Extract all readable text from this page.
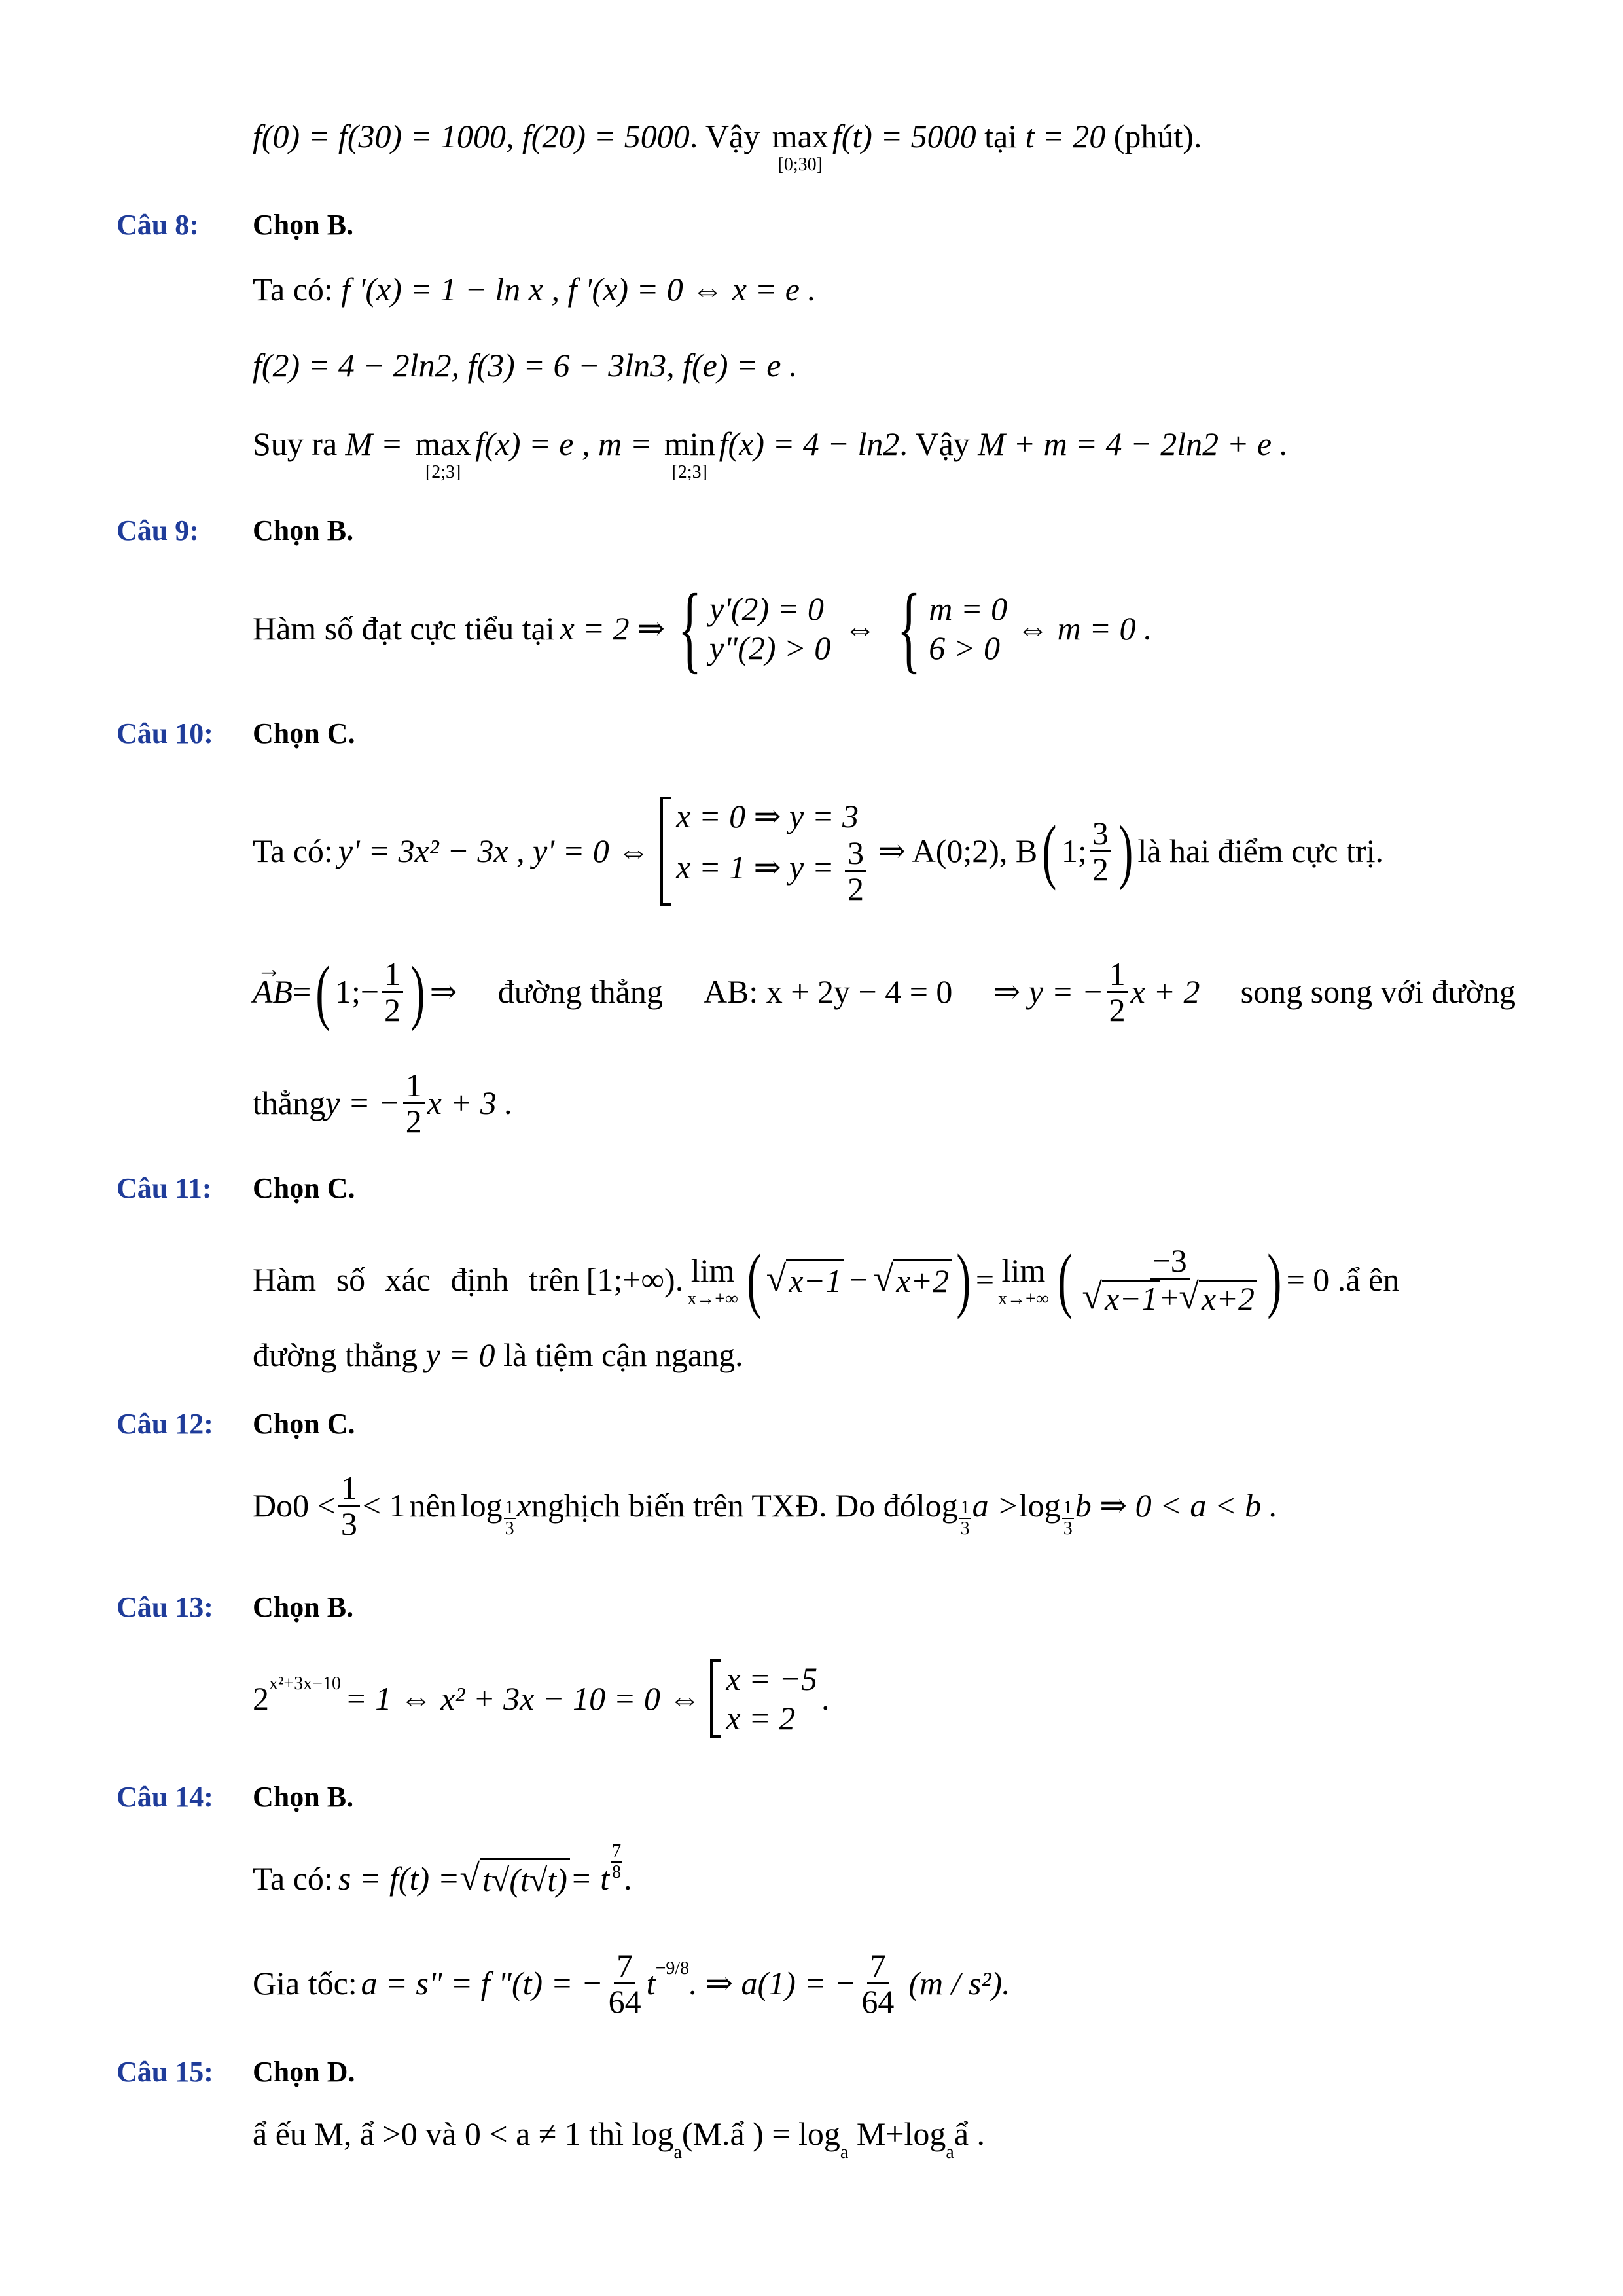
f(0) = f(30) = 1000, f(20) = 5000. Vậy max
[0;30]
f(t) = 5000 tại t = 20 (phút).
Câu 8: Chọn B.
Ta có: f '(x) = 1 − ln x , f '(x) = 0 ⇔ x = e .
f(2) = 4 − 2ln2, f(3) = 6 − 3ln3, f(e) = e .
Suy ra M = max
[2;3]
f(x) = e , m = min
[2;3]
f(x) = 4 − ln2. Vậy M + m = 4 − 2ln2 + e .
Câu 9: Chọn B.
Hàm số đạt cực tiểu tại x = 2 ⇒ { y'(2) = 0
y"(2) > 0
⇔ { m = 0
6 > 0
⇔ m = 0 .
Câu 10: Chọn C.
Ta có: y' = 3x² − 3x , y' = 0 ⇔
x = 0 ⇒ y = 3
x = 1 ⇒ $y = \frac{3}{2}$ ⇒ A(0;2), B ( 1; $\frac{3}{2}$ ) là hai điểm cực trị.
→ AB = ( 1;− $\frac{1}{2}$ ) ⇒ đường thẳng AB: x + 2y − 4 = 0 ⇒ y = − $\frac{1}{2}$ x + 2 song song với đường
thẳng y = − $\frac{1}{2}$ x + 3 .
Câu 11: Chọn C.
Hàm số xác định trên [1;+∞) . lim
x→+∞ ( √ x−1 − √ x+2 ) = lim
x→+∞ ( $\frac{-3}{√ x-1 + √ x+2}$ ) = 0 . ẩ ên
đường thẳng y = 0 là tiệm cận ngang.
Câu 12: Chọn C.
Do $0 < \frac{1}{3} < 1$ nên $\log \frac{1}{3}$ x nghịch biến trên TXĐ. Do đó $\log \frac{1}{3}$ $a > \log \frac{1}{3}$ b ⇒ 0 < a < b .
Câu 13: Chọn B.
2 x²+3x−10 = 1 ⇔ x² + 3x − 10 = 0 ⇔
x = −5
x = 2
.
Câu 14: Chọn B.
Ta có: s = f(t) = √ t√(t√t) = t $\frac{7}{8}$ .
Gia tốc: a = s" = f "(t) = − $\frac{7}{64}$ t −9/8 . ⇒ a(1) = − $\frac{7}{64} (m / s^2)$.
Câu 15: Chọn D.
ẩ ếu M, ẩ >0 và 0 < a ≠ 1 thì $\log_a(M.ẩ$ ) = $\log_a$ $M+\log_aẩ$ .
